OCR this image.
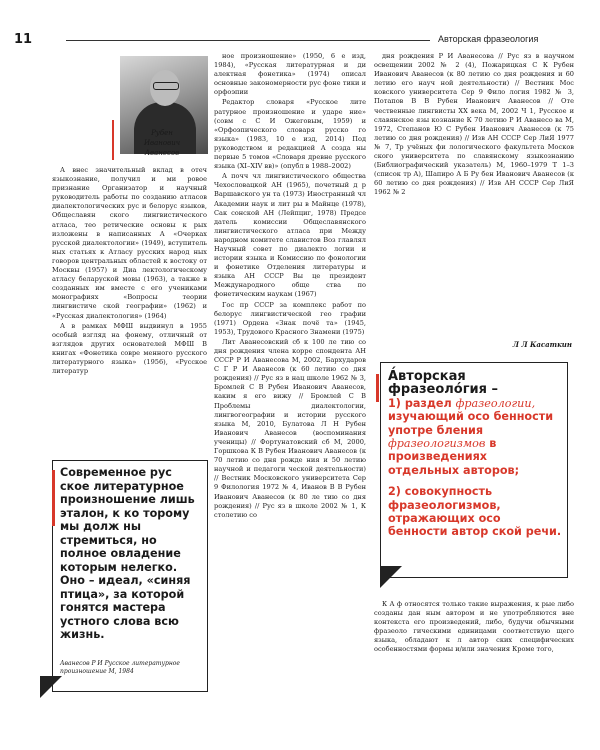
11	Авторская фразеология
Рубен
Иванович
Аванесов

А внес значительный вклад в отеч языкознание, получил и ми ровое признание Организатор и научный руководитель работы по созданию атласов диалектологических рус и белорус языков, Общеславян ского лингвистического атласа, тео ретические основы к рых изложены в написанных А «Очерках русской диалектологии» (1949), вступитель ных статьях к Атласу русских народ ных говоров центральных областей к востоку от Москвы (1957) и Диа лектологическому атласу беларуской мовы (1963), а также в созданных им вместе с его учениками монографиях «Вопросы теории лингвистиче ской географии» (1962) и «Русская диалектология» (1964)

А в рамках МФШ выдвинул в 1955 особый взгляд на фонему, отличный от взглядов других основателей МФШ В книгах «Фонетика совре менного русского литературного языка» (1956), «Русское литератур

Современное рус ское литературное произношение лишь эталон, к ко торому мы долж ны стремиться, но полное овладение которым нелегко. Оно – идеал, «синяя птица», за которой гонятся мастера устного слова всю жизнь.
Аванесов Р И Русское литературное произношение М, 1984

ное произношение» (1950, 6 е изд, 1984), «Русская литературная и ди алектная фонетика» (1974) описал основные закономерности рус фоне тики и орфоэпии

Редактор словаря «Русское лите ратурное произношение и ударе ние» (совм с С И Ожеговым, 1959) и «Орфоэпического словаря русско го языка» (1983, 10 е изд, 2014) Под руководством и редакцией А созда ны первые 5 томов «Словаря древне русского языка (XI–XIV вв)» (опубл в 1988–2002)

А почч чл лингвистического общества Чехословацкой АН (1965), почетный д р Варшавского ун та (1973) Иностранный чл Академии наук и лит ры в Майнце (1978), Сак сонской АН (Лейпциг, 1978) Предсе датель комиссии Общеславянского лингвистического атласа при Между народном комитете славистов Воз главлял Научный совет по диалекто логии и истории языка и Комиссию по фонологии и фонетике Отделения литературы и языка АН СССР Вы це президент Международного обще ства по фонетическим наукам (1967)

Гос пр СССР за комплекс работ по белорус лингвистической гео графии (1971) Ордена «Знак почё та» (1945, 1953), Трудового Красного Знамени (1975)

Лит Аванесовский сб к 100 ле тию со дня рождения члена корре спондента АН СССР Р И Аванесова М, 2002, Бархударов С Г Р И Аванесов (к 60 летию со дня рождения) // Рус яз в нац школе 1962 № 3, Бромлей С В Рубен Иванович Аванесов, каким я его вижу // Бромлей С В Проблемы диалектологии, лингвогеографии и истории русского языка М, 2010, Булатова Л Н Рубен Иванович Аванесов (воспоминания ученицы) // Фортунатовский сб М, 2000, Горшкова К В Рубен Иванович Аванесов (к 70 летию со дня рожде ния и 50 летию научной и педагоги ческой деятельности) // Вестник Московского университета Сер 9 Филология 1972 № 4, Иванов В В Рубен Иванович Аванесов (к 80 ле тию со дня рождения) // Рус яз в школе 2002 № 1, К столетию со

дня рождения Р И Аванесова // Рус яз в научном освещении 2002 № 2 (4), Пожарицкая С К Рубен Иванович Аванесов (к 80 летию со дня рождения и 60 летию его науч ной деятельности) // Вестник Мос ковского университета Сер 9 Фило логия 1982 № 3, Потапов В В Рубен Иванович Аванесов // Оте чественные лингвисты XX века М, 2002 Ч 1, Русское и славянское язы кознание К 70 летию Р И Аванесо ва М, 1972, Степанов Ю С Рубен Иванович Аванесов (к 75 летию со дня рождения) // Изв АН СССР Сер ЛиЯ 1977 № 7, Тр учёных фи лологического факультета Москов ского университета по славянскому языкознанию (Библиографический указатель) М, 1960–1979 Т 1–3 (список тр А), Шапиро А Б Ру бен Иванович Аванесов (к 60 летию со дня рождения) // Изв АН СССР Сер ЛиЯ 1962 № 2

Л Л Касаткин
А́вторская фразеоло́гия –
1) раздел фразеологии, изучающий осо бенности употре бления фразеологизмов в произведениях отдельных авторов;
2) совокупность фразеологизмов, отражающих осо бенности автор ской речи.

К А ф относятся только такие выражения, к рые либо созданы дан ным автором и не употребляются вне контекста его произведений, либо, будучи обычными фразеоло гическими единицами соответствую щего языка, обладают к л автор ских специфических особенностями формы и/или значения Кроме того,
